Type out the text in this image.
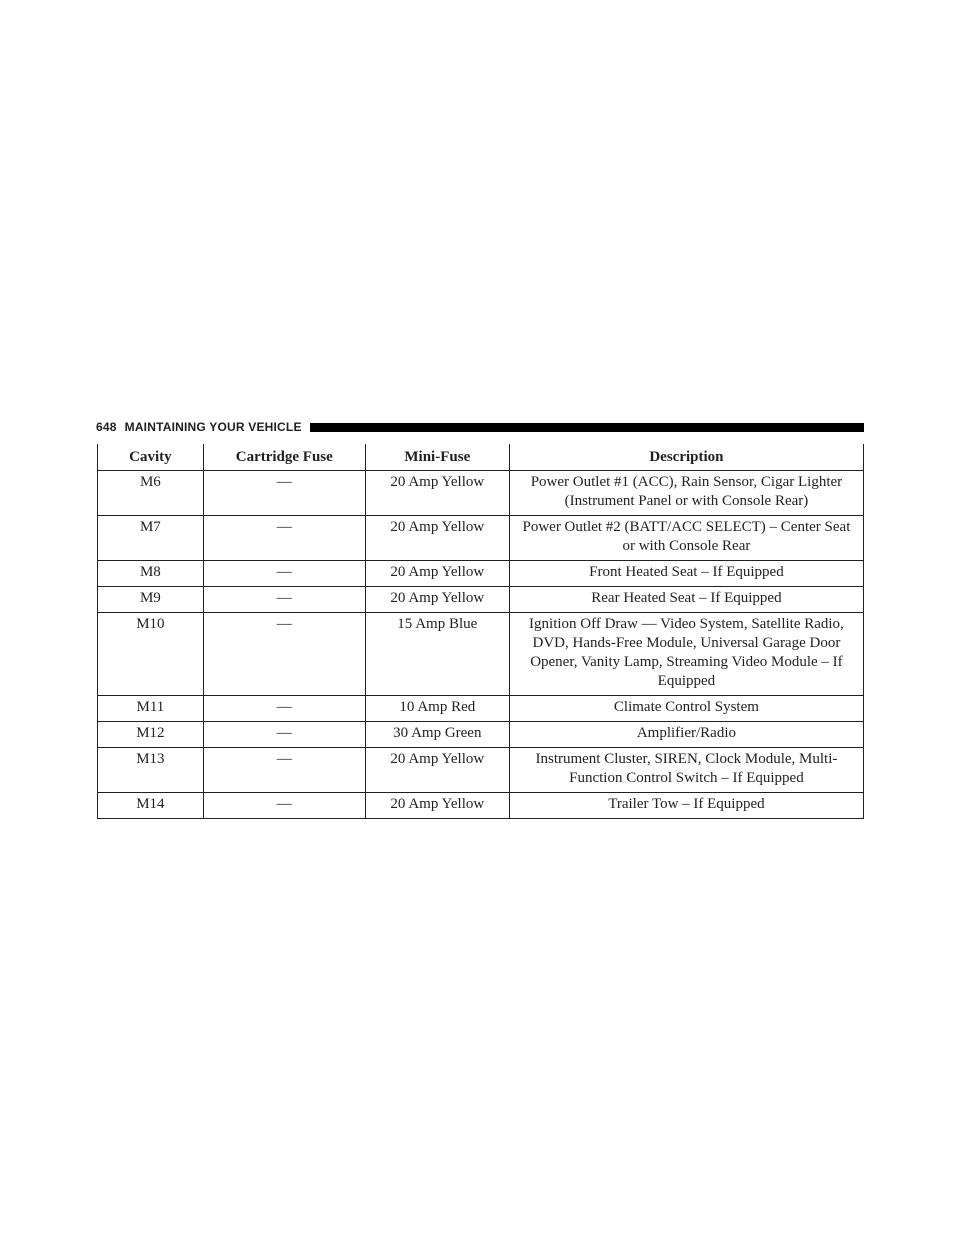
648 MAINTAINING YOUR VEHICLE
Cavity	Cartridge Fuse	Mini-Fuse	Description
M6	—	20 Amp Yellow	Power Outlet #1 (ACC), Rain Sensor, Cigar Lighter (Instrument Panel or with Console Rear)
M7	—	20 Amp Yellow	Power Outlet #2 (BATT/ACC SELECT) – Center Seat or with Console Rear
M8	—	20 Amp Yellow	Front Heated Seat – If Equipped
M9	—	20 Amp Yellow	Rear Heated Seat – If Equipped
M10	—	15 Amp Blue	Ignition Off Draw — Video System, Satellite Radio, DVD, Hands-Free Module, Universal Garage Door Opener, Vanity Lamp, Streaming Video Module – If Equipped
M11	—	10 Amp Red	Climate Control System
M12	—	30 Amp Green	Amplifier/Radio
M13	—	20 Amp Yellow	Instrument Cluster, SIREN, Clock Module, Multi-Function Control Switch – If Equipped
M14	—	20 Amp Yellow	Trailer Tow – If Equipped
